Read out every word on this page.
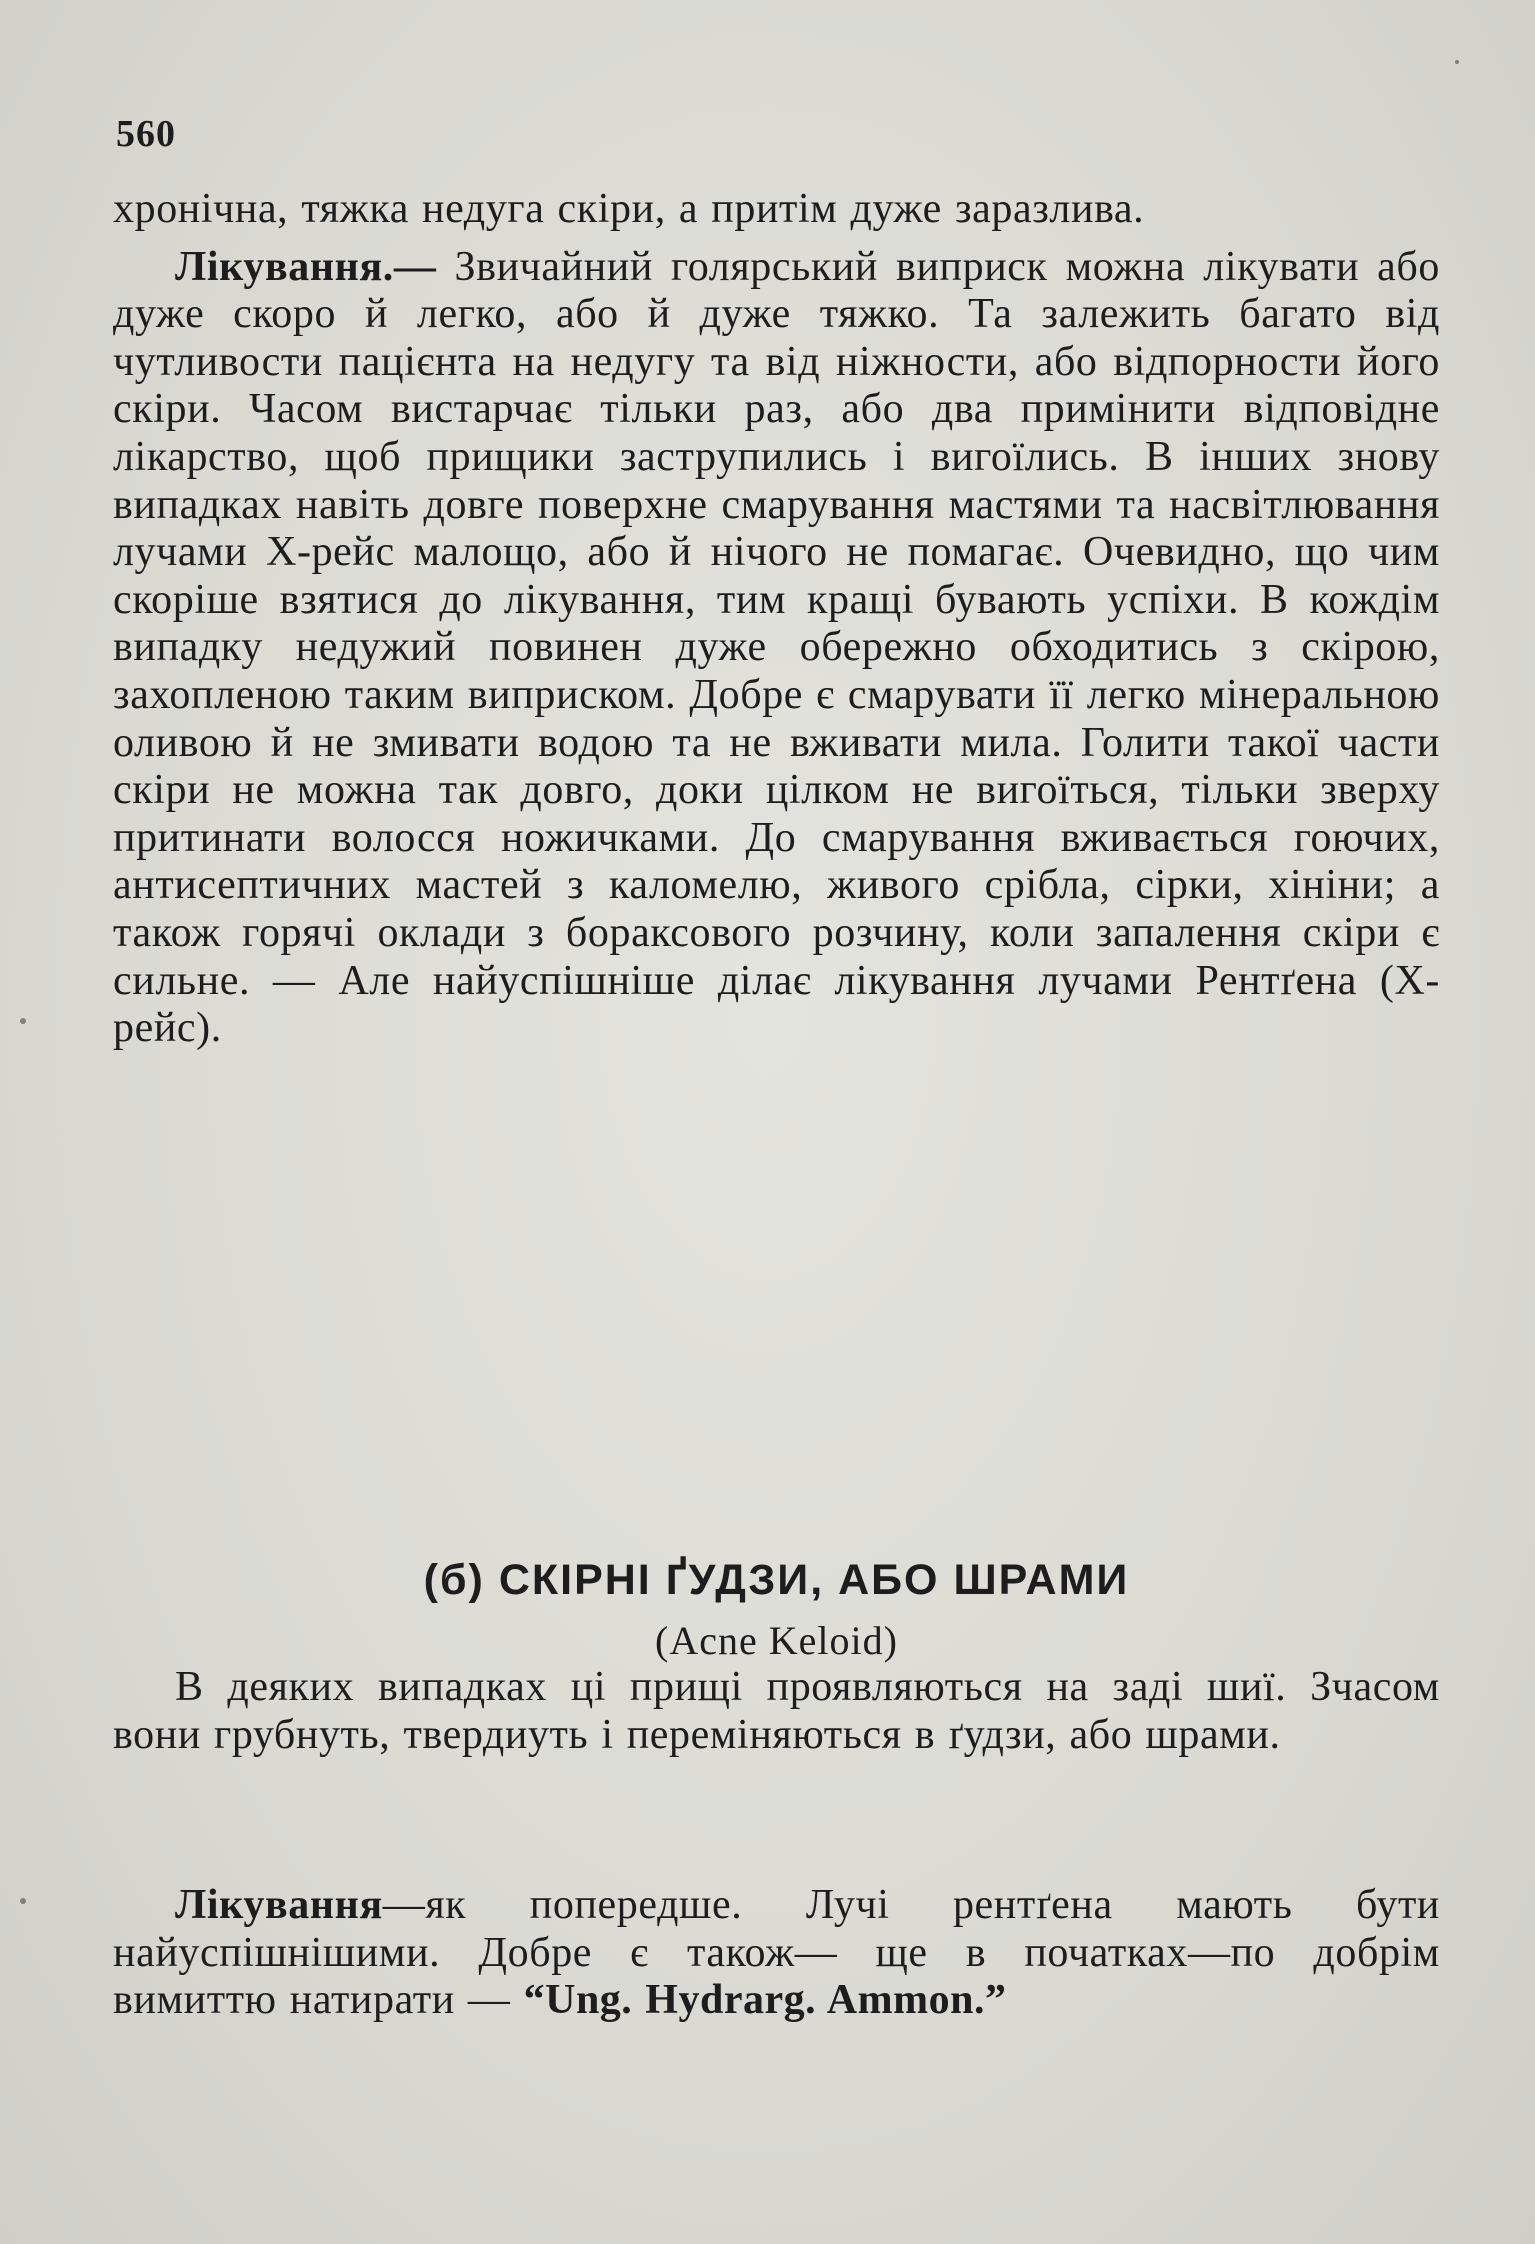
560

хронічна, тяжка недуга скіри, а притім дуже заразлива.

Лікування.— Звичайний голярський виприск можна лікувати або дуже скоро й легко, або й дуже тяжко. Та залежить багато від чутливости пацієнта на недугу та від ніжности, або відпорности його скіри. Часом вистарчає тільки раз, або два примінити відповідне лікарство, щоб прищики заструпились і вигоїлись. В інших знову випадках навіть довге поверхне смарування мастями та насвітлювання лучами Х-рейс малощо, або й нічого не помагає. Очевидно, що чим скоріше взятися до лікування, тим кращі бувають успіхи. В кождім випадку недужий повинен дуже обережно обходитись з скірою, захопленою таким виприском. Добре є смарувати її легко мінеральною оливою й не змивати водою та не вживати мила. Голити такої части скіри не можна так довго, доки цілком не вигоїться, тільки зверху притинати волосся ножичками. До смарування вживається гоючих, антисептичних мастей з каломелю, живого срібла, сірки, хініни; а також горячі оклади з бораксового розчину, коли запалення скіри є сильне. — Але найуспішніше ділає лікування лучами Рентґена (Х-рейс).

(б) СКІРНІ ҐУДЗИ, АБО ШРАМИ
(Acne Keloid)

В деяких випадках ці прищі проявляються на заді шиї. Зчасом вони грубнуть, твердиуть і переміняються в ґудзи, або шрами.

Лікування—як попередше. Лучі рентґена мають бути найуспішнішими. Добре є також— ще в початках—по добрім вимиттю натирати — “Ung. Hydrarg. Ammon.”
